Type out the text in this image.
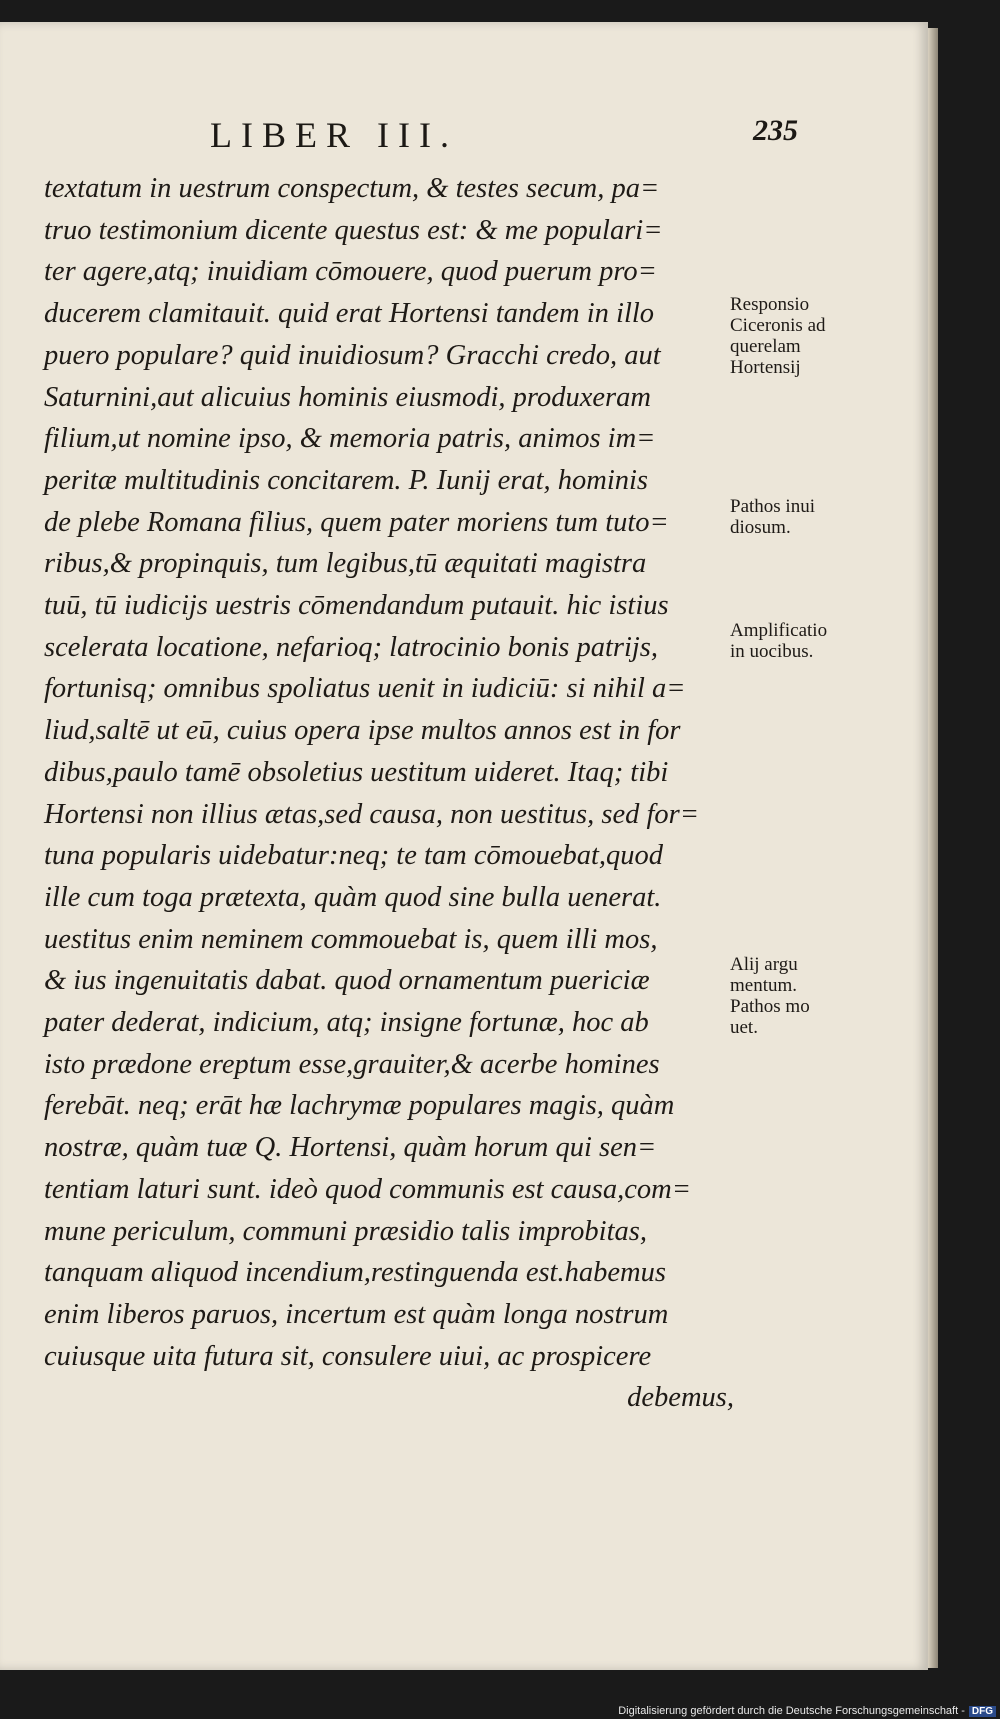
LIBER III.	235
textatum in uestrum conspectum, & testes secum, pa=
truo testimonium dicente questus est: & me populari=
ter agere,atq; inuidiam cōmouere, quod puerum pro=
ducerem clamitauit. quid erat Hortensi tandem in illo
puero populare? quid inuidiosum? Gracchi credo, aut
Saturnini,aut alicuius hominis eiusmodi, produxeram
filium,ut nomine ipso, & memoria patris, animos im=
peritæ multitudinis concitarem. P. Iunij erat, hominis
de plebe Romana filius, quem pater moriens tum tuto=
ribus,& propinquis, tum legibus,tū æquitati magistra
tuū, tū iudicijs uestris cōmendandum putauit. hic istius
scelerata locatione, nefarioq; latrocinio bonis patrijs,
fortunisq; omnibus spoliatus uenit in iudiciū: si nihil a=
liud,saltē ut eū, cuius opera ipse multos annos est in for
dibus,paulo tamē obsoletius uestitum uideret. Itaq; tibi
Hortensi non illius ætas,sed causa, non uestitus, sed for=
tuna popularis uidebatur:neq; te tam cōmouebat,quod
ille cum toga prætexta, quàm quod sine bulla uenerat.
uestitus enim neminem commouebat is, quem illi mos,
& ius ingenuitatis dabat. quod ornamentum puericiæ
pater dederat, indicium, atq; insigne fortunæ, hoc ab
isto prædone ereptum esse,grauiter,& acerbe homines
ferebāt. neq; erāt hæ lachrymæ populares magis, quàm
nostræ, quàm tuæ Q. Hortensi, quàm horum qui sen=
tentiam laturi sunt. ideò quod communis est causa,com=
mune periculum, communi præsidio talis improbitas,
tanquam aliquod incendium,restinguenda est.habemus
enim liberos paruos, incertum est quàm longa nostrum
cuiusque uita futura sit, consulere uiui, ac prospicere
debemus,
Responsio
Ciceronis ad
querelam
Hortensij
Pathos inui
diosum.
Amplificatio
in uocibus.
Alij argu
mentum.
Pathos mo
uet.
Digitalisierung gefördert durch die Deutsche Forschungsgemeinschaft - DFG
